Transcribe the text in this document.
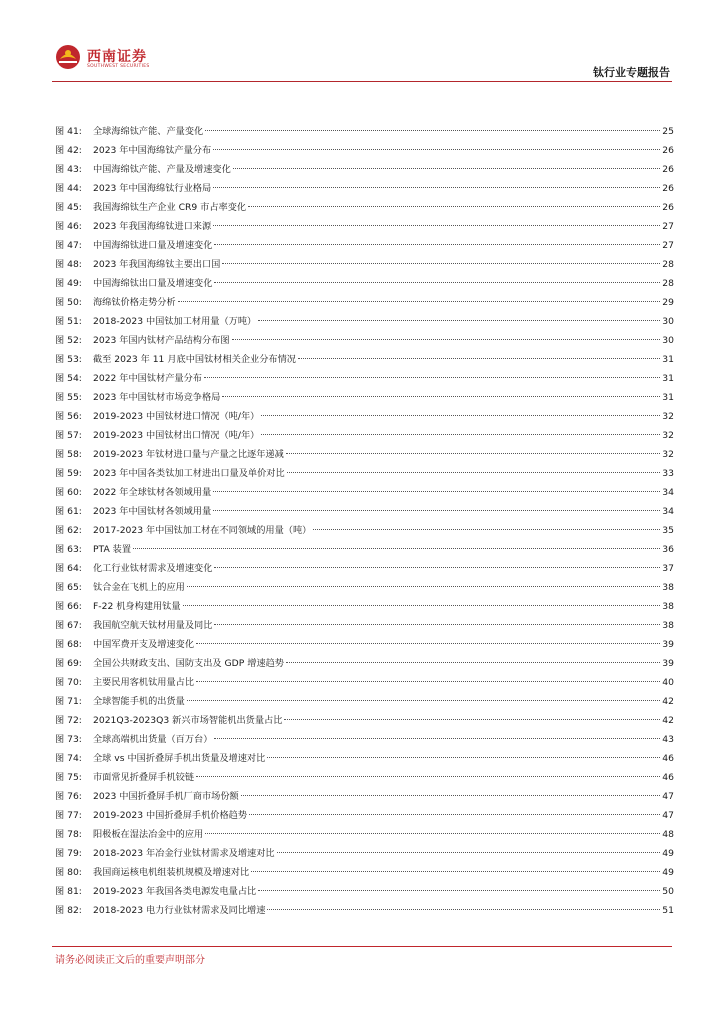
西南证券
SOUTHWEST SECURITIES	钛行业专题报告
图 41:	全球海绵钛产能、产量变化	25
图 42:	2023 年中国海绵钛产量分布	26
图 43:	中国海绵钛产能、产量及增速变化	26
图 44:	2023 年中国海绵钛行业格局	26
图 45:	我国海绵钛生产企业 CR9 市占率变化	26
图 46:	2023 年我国海绵钛进口来源	27
图 47:	中国海绵钛进口量及增速变化	27
图 48:	2023 年我国海绵钛主要出口国	28
图 49:	中国海绵钛出口量及增速变化	28
图 50:	海绵钛价格走势分析	29
图 51:	2018-2023 中国钛加工材用量（万吨）	30
图 52:	2023 年国内钛材产品结构分布图	30
图 53:	截至 2023 年 11 月底中国钛材相关企业分布情况	31
图 54:	2022 年中国钛材产量分布	31
图 55:	2023 年中国钛材市场竞争格局	31
图 56:	2019-2023 中国钛材进口情况（吨/年）	32
图 57:	2019-2023 中国钛材出口情况（吨/年）	32
图 58:	2019-2023 年钛材进口量与产量之比逐年递减	32
图 59:	2023 年中国各类钛加工材进出口量及单价对比	33
图 60:	2022 年全球钛材各领域用量	34
图 61:	2023 年中国钛材各领域用量	34
图 62:	2017-2023 年中国钛加工材在不同领域的用量（吨）	35
图 63:	PTA 装置	36
图 64:	化工行业钛材需求及增速变化	37
图 65:	钛合金在飞机上的应用	38
图 66:	F-22 机身构建用钛量	38
图 67:	我国航空航天钛材用量及同比	38
图 68:	中国军费开支及增速变化	39
图 69:	全国公共财政支出、国防支出及 GDP 增速趋势	39
图 70:	主要民用客机钛用量占比	40
图 71:	全球智能手机的出货量	42
图 72:	2021Q3-2023Q3 新兴市场智能机出货量占比	42
图 73:	全球高端机出货量（百万台）	43
图 74:	全球 vs 中国折叠屏手机出货量及增速对比	46
图 75:	市面常见折叠屏手机铰链	46
图 76:	2023 中国折叠屏手机厂商市场份额	47
图 77:	2019-2023 中国折叠屏手机价格趋势	47
图 78:	阳极板在湿法冶金中的应用	48
图 79:	2018-2023 年冶金行业钛材需求及增速对比	49
图 80:	我国商运核电机组装机规模及增速对比	49
图 81:	2019-2023 年我国各类电源发电量占比	50
图 82:	2018-2023 电力行业钛材需求及同比增速	51
请务必阅读正文后的重要声明部分
